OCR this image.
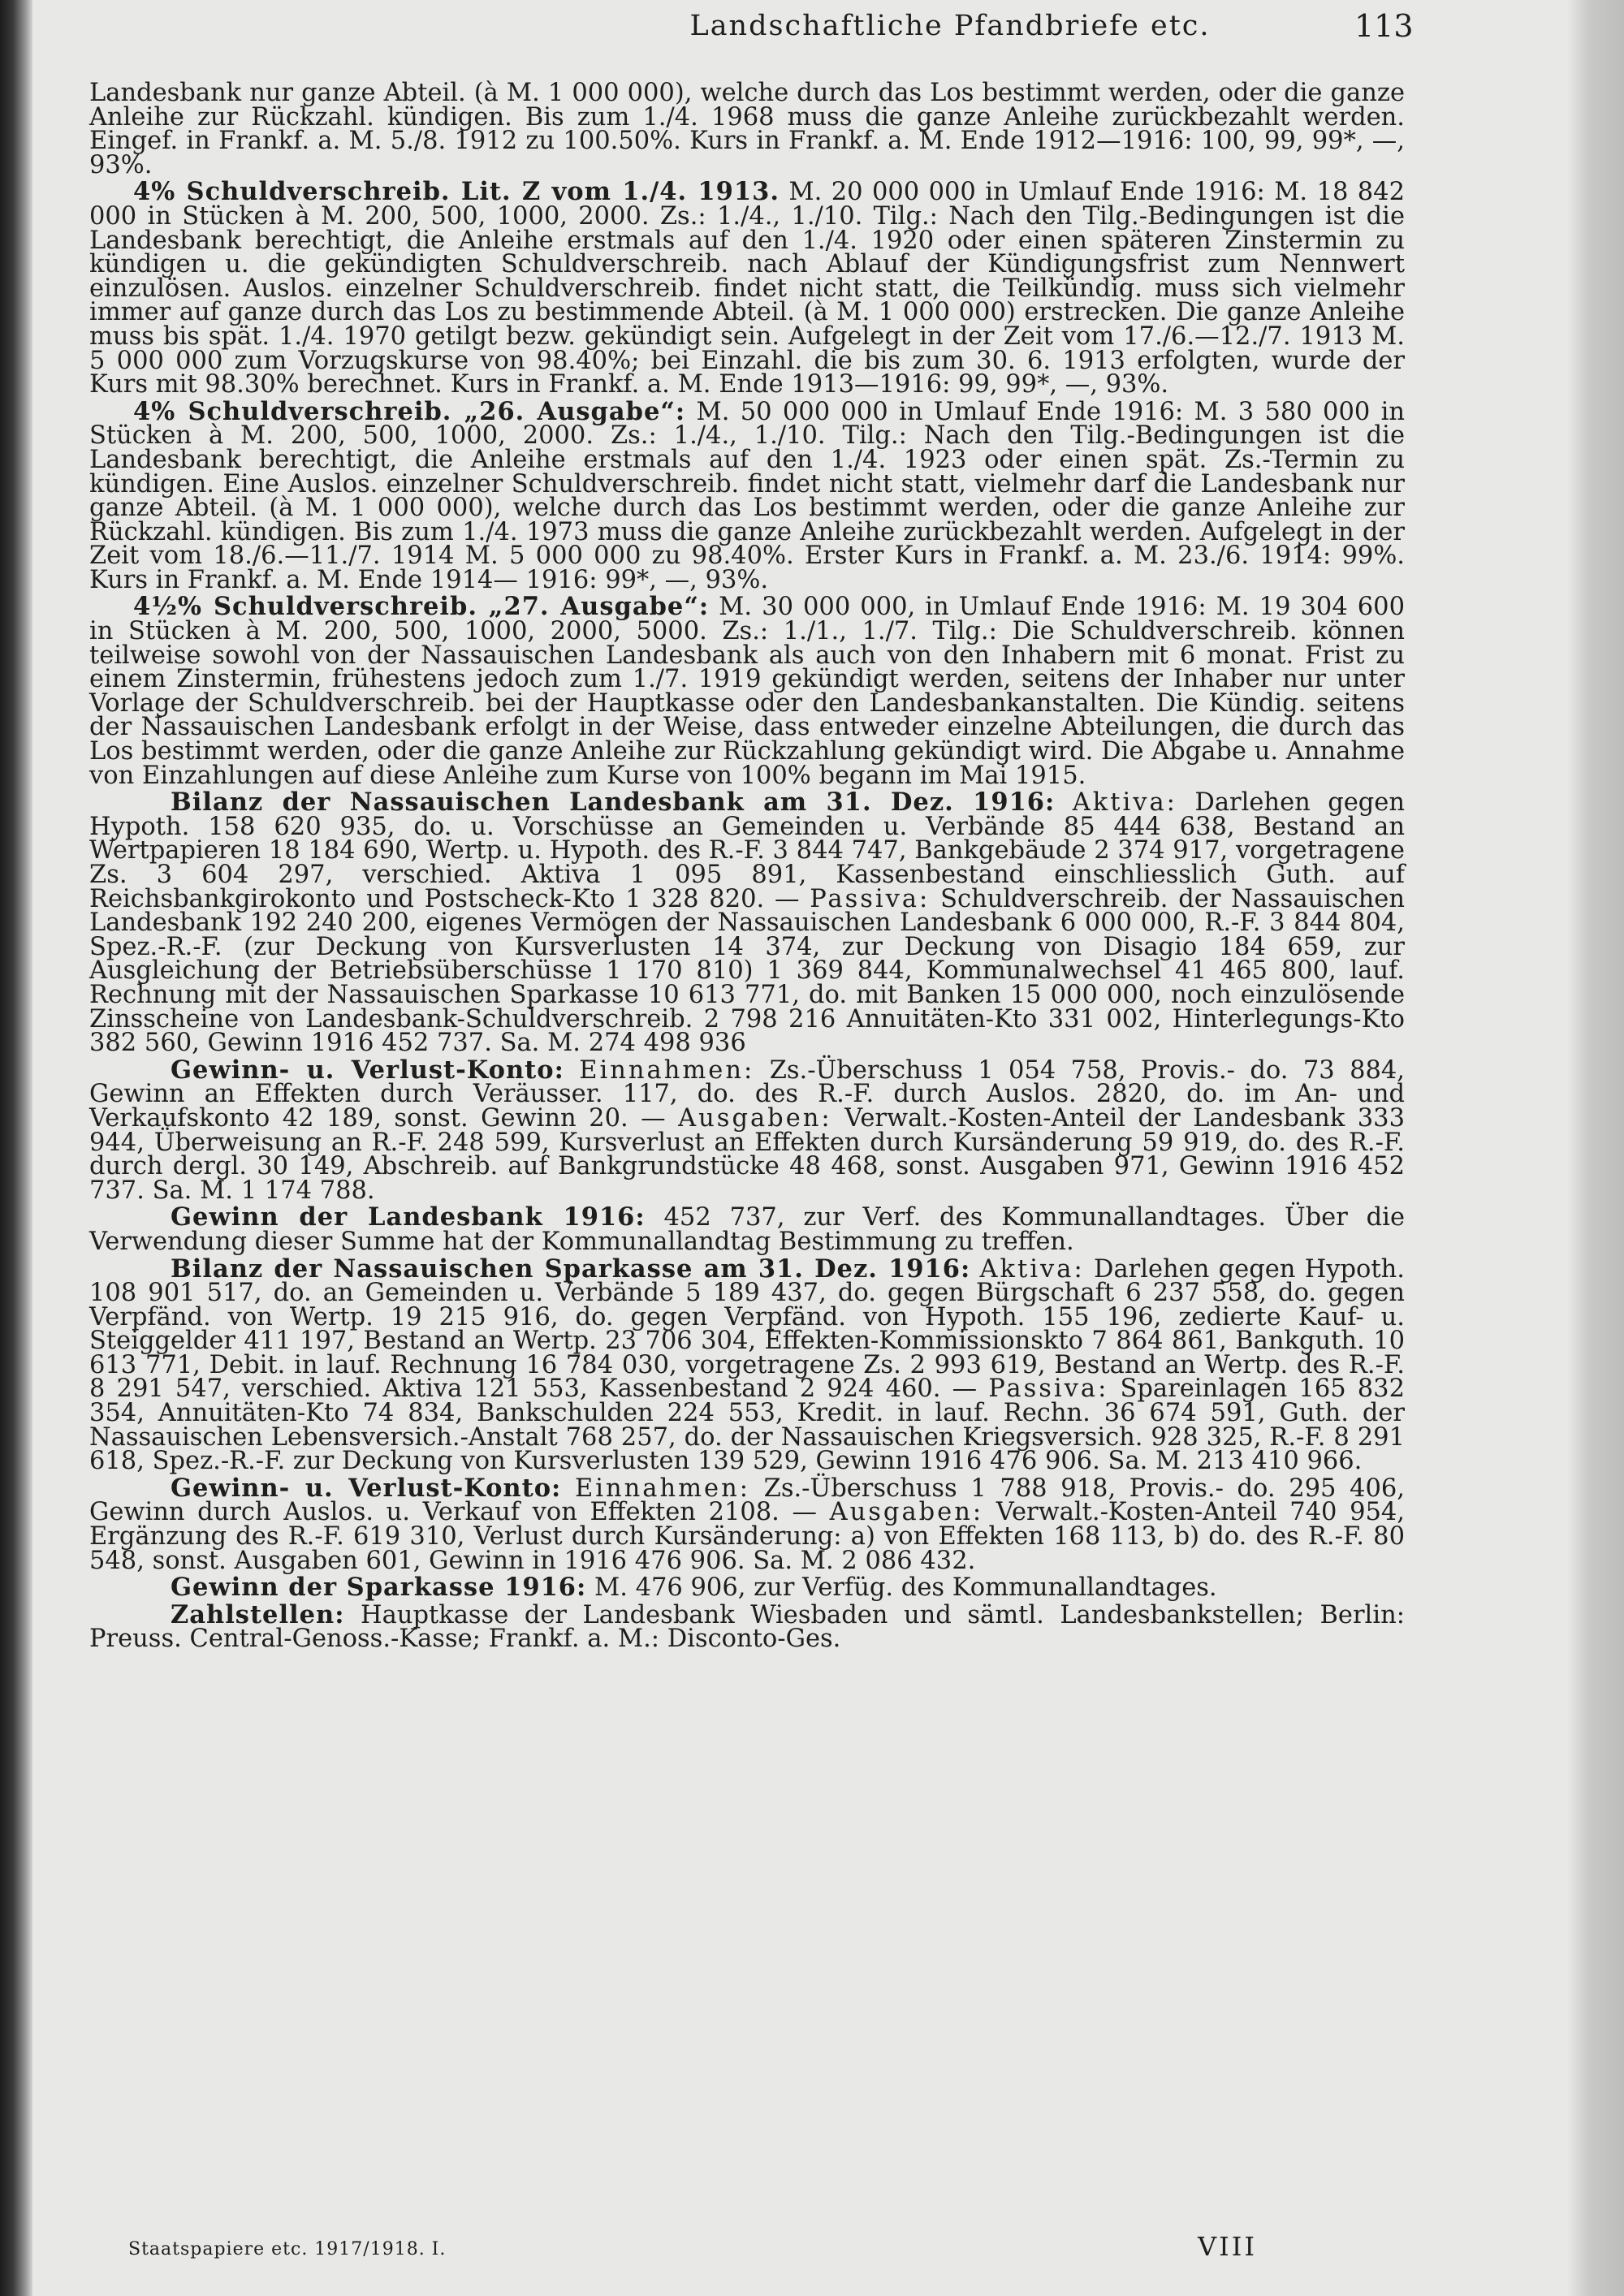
Landschaftliche Pfandbriefe etc.	113

Landesbank nur ganze Abteil. (à M. 1 000 000), welche durch das Los bestimmt werden, oder die ganze Anleihe zur Rückzahl. kündigen. Bis zum 1./4. 1968 muss die ganze Anleihe zurückbezahlt werden. Eingef. in Frankf. a. M. 5./8. 1912 zu 100.50%. Kurs in Frankf. a. M. Ende 1912—1916: 100, 99, 99*, —, 93%.

4% Schuldverschreib. Lit. Z vom 1./4. 1913. M. 20 000 000 in Umlauf Ende 1916: M. 18 842 000 in Stücken à M. 200, 500, 1000, 2000. Zs.: 1./4., 1./10. Tilg.: Nach den Tilg.-Bedingungen ist die Landesbank berechtigt, die Anleihe erstmals auf den 1./4. 1920 oder einen späteren Zinstermin zu kündigen u. die gekündigten Schuldverschreib. nach Ablauf der Kündigungsfrist zum Nennwert einzulösen. Auslos. einzelner Schuldverschreib. findet nicht statt, die Teilkündig. muss sich vielmehr immer auf ganze durch das Los zu bestimmende Abteil. (à M. 1 000 000) erstrecken. Die ganze Anleihe muss bis spät. 1./4. 1970 getilgt bezw. gekündigt sein. Aufgelegt in der Zeit vom 17./6.—12./7. 1913 M. 5 000 000 zum Vorzugskurse von 98.40%; bei Einzahl. die bis zum 30. 6. 1913 erfolgten, wurde der Kurs mit 98.30% berechnet. Kurs in Frankf. a. M. Ende 1913—1916: 99, 99*, —, 93%.

4% Schuldverschreib. „26. Ausgabe“: M. 50 000 000 in Umlauf Ende 1916: M. 3 580 000 in Stücken à M. 200, 500, 1000, 2000. Zs.: 1./4., 1./10. Tilg.: Nach den Tilg.-Bedingungen ist die Landesbank berechtigt, die Anleihe erstmals auf den 1./4. 1923 oder einen spät. Zs.-Termin zu kündigen. Eine Auslos. einzelner Schuldverschreib. findet nicht statt, vielmehr darf die Landesbank nur ganze Abteil. (à M. 1 000 000), welche durch das Los bestimmt werden, oder die ganze Anleihe zur Rückzahl. kündigen. Bis zum 1./4. 1973 muss die ganze Anleihe zurückbezahlt werden. Aufgelegt in der Zeit vom 18./6.—11./7. 1914 M. 5 000 000 zu 98.40%. Erster Kurs in Frankf. a. M. 23./6. 1914: 99%. Kurs in Frankf. a. M. Ende 1914— 1916: 99*, —, 93%.

4½% Schuldverschreib. „27. Ausgabe“: M. 30 000 000, in Umlauf Ende 1916: M. 19 304 600 in Stücken à M. 200, 500, 1000, 2000, 5000. Zs.: 1./1., 1./7. Tilg.: Die Schuldverschreib. können teilweise sowohl von der Nassauischen Landesbank als auch von den Inhabern mit 6 monat. Frist zu einem Zinstermin, frühestens jedoch zum 1./7. 1919 gekündigt werden, seitens der Inhaber nur unter Vorlage der Schuldverschreib. bei der Hauptkasse oder den Landesbankanstalten. Die Kündig. seitens der Nassauischen Landesbank erfolgt in der Weise, dass entweder einzelne Abteilungen, die durch das Los bestimmt werden, oder die ganze Anleihe zur Rückzahlung gekündigt wird. Die Abgabe u. Annahme von Einzahlungen auf diese Anleihe zum Kurse von 100% begann im Mai 1915.

Bilanz der Nassauischen Landesbank am 31. Dez. 1916: Aktiva: Darlehen gegen Hypoth. 158 620 935, do. u. Vorschüsse an Gemeinden u. Verbände 85 444 638, Bestand an Wertpapieren 18 184 690, Wertp. u. Hypoth. des R.-F. 3 844 747, Bankgebäude 2 374 917, vorgetragene Zs. 3 604 297, verschied. Aktiva 1 095 891, Kassenbestand einschliesslich Guth. auf Reichsbankgirokonto und Postscheck-Kto 1 328 820. — Passiva: Schuldverschreib. der Nassauischen Landesbank 192 240 200, eigenes Vermögen der Nassauischen Landesbank 6 000 000, R.-F. 3 844 804, Spez.-R.-F. (zur Deckung von Kursverlusten 14 374, zur Deckung von Disagio 184 659, zur Ausgleichung der Betriebsüberschüsse 1 170 810) 1 369 844, Kommunalwechsel 41 465 800, lauf. Rechnung mit der Nassauischen Sparkasse 10 613 771, do. mit Banken 15 000 000, noch einzulösende Zinsscheine von Landesbank-Schuldverschreib. 2 798 216 Annuitäten-Kto 331 002, Hinterlegungs-Kto 382 560, Gewinn 1916 452 737. Sa. M. 274 498 936

Gewinn- u. Verlust-Konto: Einnahmen: Zs.-Überschuss 1 054 758, Provis.- do. 73 884, Gewinn an Effekten durch Veräusser. 117, do. des R.-F. durch Auslos. 2820, do. im An- und Verkaufskonto 42 189, sonst. Gewinn 20. — Ausgaben: Verwalt.-Kosten-Anteil der Landesbank 333 944, Überweisung an R.-F. 248 599, Kursverlust an Effekten durch Kursänderung 59 919, do. des R.-F. durch dergl. 30 149, Abschreib. auf Bankgrundstücke 48 468, sonst. Ausgaben 971, Gewinn 1916 452 737. Sa. M. 1 174 788.

Gewinn der Landesbank 1916: 452 737, zur Verf. des Kommunallandtages. Über die Verwendung dieser Summe hat der Kommunallandtag Bestimmung zu treffen.

Bilanz der Nassauischen Sparkasse am 31. Dez. 1916: Aktiva: Darlehen gegen Hypoth. 108 901 517, do. an Gemeinden u. Verbände 5 189 437, do. gegen Bürgschaft 6 237 558, do. gegen Verpfänd. von Wertp. 19 215 916, do. gegen Verpfänd. von Hypoth. 155 196, zedierte Kauf- u. Steiggelder 411 197, Bestand an Wertp. 23 706 304, Effekten-Kommissionskto 7 864 861, Bankguth. 10 613 771, Debit. in lauf. Rechnung 16 784 030, vorgetragene Zs. 2 993 619, Bestand an Wertp. des R.-F. 8 291 547, verschied. Aktiva 121 553, Kassenbestand 2 924 460. — Passiva: Spareinlagen 165 832 354, Annuitäten-Kto 74 834, Bankschulden 224 553, Kredit. in lauf. Rechn. 36 674 591, Guth. der Nassauischen Lebensversich.-Anstalt 768 257, do. der Nassauischen Kriegsversich. 928 325, R.-F. 8 291 618, Spez.-R.-F. zur Deckung von Kursverlusten 139 529, Gewinn 1916 476 906. Sa. M. 213 410 966.

Gewinn- u. Verlust-Konto: Einnahmen: Zs.-Überschuss 1 788 918, Provis.- do. 295 406, Gewinn durch Auslos. u. Verkauf von Effekten 2108. — Ausgaben: Verwalt.-Kosten-Anteil 740 954, Ergänzung des R.-F. 619 310, Verlust durch Kursänderung: a) von Effekten 168 113, b) do. des R.-F. 80 548, sonst. Ausgaben 601, Gewinn in 1916 476 906. Sa. M. 2 086 432.

Gewinn der Sparkasse 1916: M. 476 906, zur Verfüg. des Kommunallandtages.

Zahlstellen: Hauptkasse der Landesbank Wiesbaden und sämtl. Landesbankstellen; Berlin: Preuss. Central-Genoss.-Kasse; Frankf. a. M.: Disconto-Ges.

Staatspapiere etc. 1917/1918. I.	VIII
